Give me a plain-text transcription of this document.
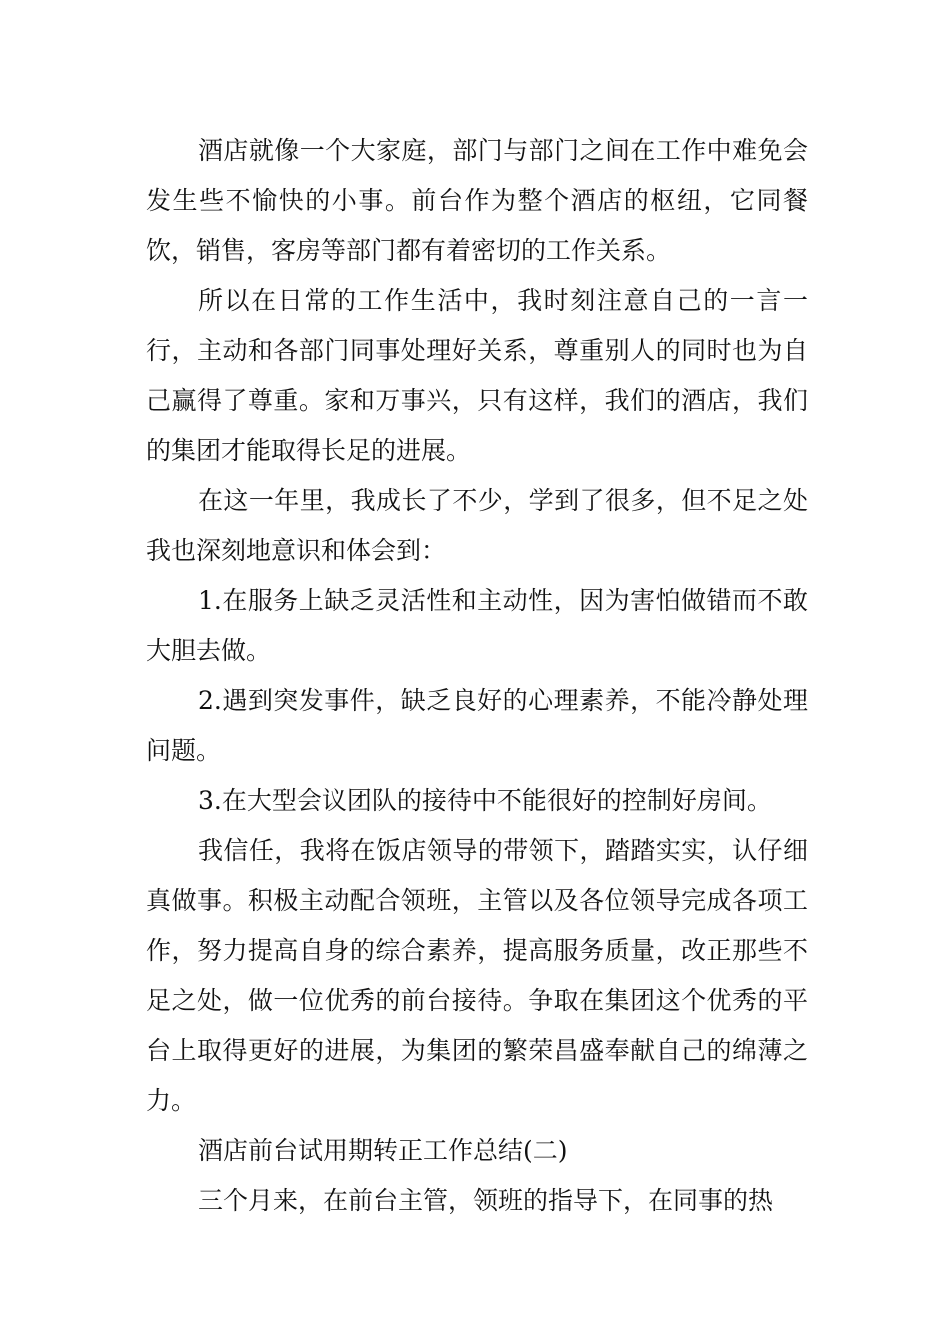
酒店就像一个大家庭，部门与部门之间在工作中难免会发生些不愉快的小事。前台作为整个酒店的枢纽，它同餐饮，销售，客房等部门都有着密切的工作关系。

所以在日常的工作生活中，我时刻注意自己的一言一行，主动和各部门同事处理好关系，尊重别人的同时也为自己赢得了尊重。家和万事兴，只有这样，我们的酒店，我们的集团才能取得长足的进展。

在这一年里，我成长了不少，学到了很多，但不足之处我也深刻地意识和体会到：

1.在服务上缺乏灵活性和主动性，因为害怕做错而不敢大胆去做。

2.遇到突发事件，缺乏良好的心理素养，不能冷静处理问题。

3.在大型会议团队的接待中不能很好的控制好房间。

我信任，我将在饭店领导的带领下，踏踏实实，认仔细真做事。积极主动配合领班，主管以及各位领导完成各项工作，努力提高自身的综合素养，提高服务质量，改正那些不足之处，做一位优秀的前台接待。争取在集团这个优秀的平台上取得更好的进展，为集团的繁荣昌盛奉献自己的绵薄之力。

酒店前台试用期转正工作总结(二)

三个月来，在前台主管，领班的指导下，在同事的热
